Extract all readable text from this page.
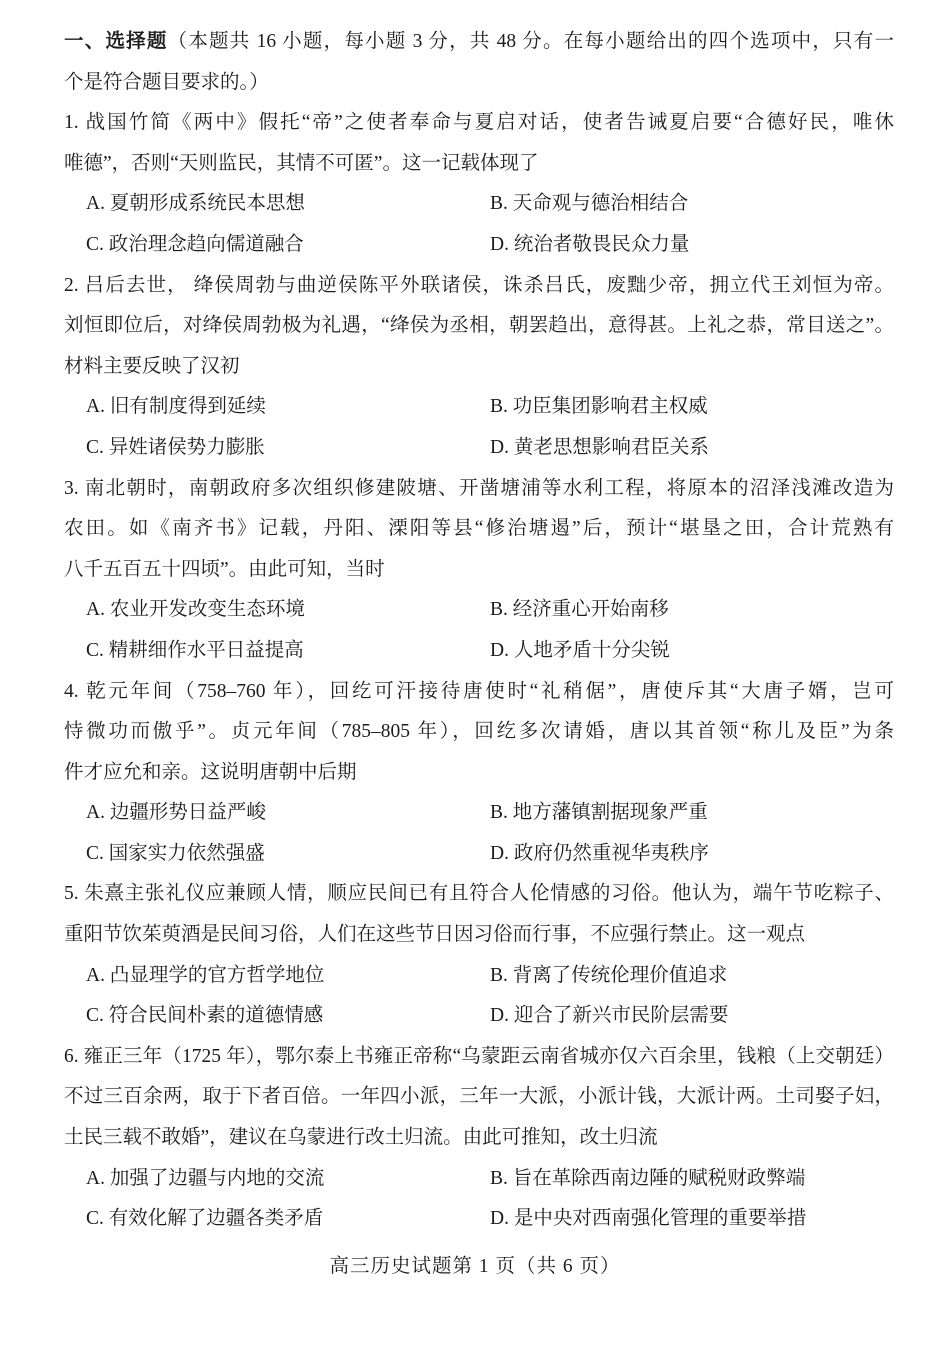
一、选择题（本题共 16 小题，每小题 3 分，共 48 分。在每小题给出的四个选项中，只有一
个是符合题目要求的。）
1. 战国竹简《两中》假托“帝”之使者奉命与夏启对话，使者告诫夏启要“合德好民，唯休
唯德”，否则“天则监民，其情不可匿”。这一记载体现了
A. 夏朝形成系统民本思想	B. 天命观与德治相结合
C. 政治理念趋向儒道融合	D. 统治者敬畏民众力量
2. 吕后去世， 绛侯周勃与曲逆侯陈平外联诸侯，诛杀吕氏，废黜少帝，拥立代王刘恒为帝。
刘恒即位后，对绛侯周勃极为礼遇，“绛侯为丞相，朝罢趋出，意得甚。上礼之恭，常目送之”。
材料主要反映了汉初
A. 旧有制度得到延续	B. 功臣集团影响君主权威
C. 异姓诸侯势力膨胀	D. 黄老思想影响君臣关系
3. 南北朝时，南朝政府多次组织修建陂塘、开凿塘浦等水利工程，将原本的沼泽浅滩改造为
农田。如《南齐书》记载，丹阳、溧阳等县“修治塘遏”后，预计“堪垦之田，合计荒熟有
八千五百五十四顷”。由此可知，当时
A. 农业开发改变生态环境	B. 经济重心开始南移
C. 精耕细作水平日益提高	D. 人地矛盾十分尖锐
4. 乾元年间（758–760 年），回纥可汗接待唐使时“礼稍倨”，唐使斥其“大唐子婿，岂可
恃微功而傲乎”。贞元年间（785–805 年），回纥多次请婚，唐以其首领“称儿及臣”为条
件才应允和亲。这说明唐朝中后期
A. 边疆形势日益严峻	B. 地方藩镇割据现象严重
C. 国家实力依然强盛	D. 政府仍然重视华夷秩序
5. 朱熹主张礼仪应兼顾人情，顺应民间已有且符合人伦情感的习俗。他认为，端午节吃粽子、
重阳节饮茱萸酒是民间习俗，人们在这些节日因习俗而行事，不应强行禁止。这一观点
A. 凸显理学的官方哲学地位	B. 背离了传统伦理价值追求
C. 符合民间朴素的道德情感	D. 迎合了新兴市民阶层需要
6. 雍正三年（1725 年），鄂尔泰上书雍正帝称“乌蒙距云南省城亦仅六百余里，钱粮（上交朝廷）
不过三百余两，取于下者百倍。一年四小派，三年一大派，小派计钱，大派计两。土司娶子妇，
土民三载不敢婚”，建议在乌蒙进行改土归流。由此可推知，改土归流
A. 加强了边疆与内地的交流	B. 旨在革除西南边陲的赋税财政弊端
C. 有效化解了边疆各类矛盾	D. 是中央对西南强化管理的重要举措
高三历史试题第 1 页（共 6 页）
